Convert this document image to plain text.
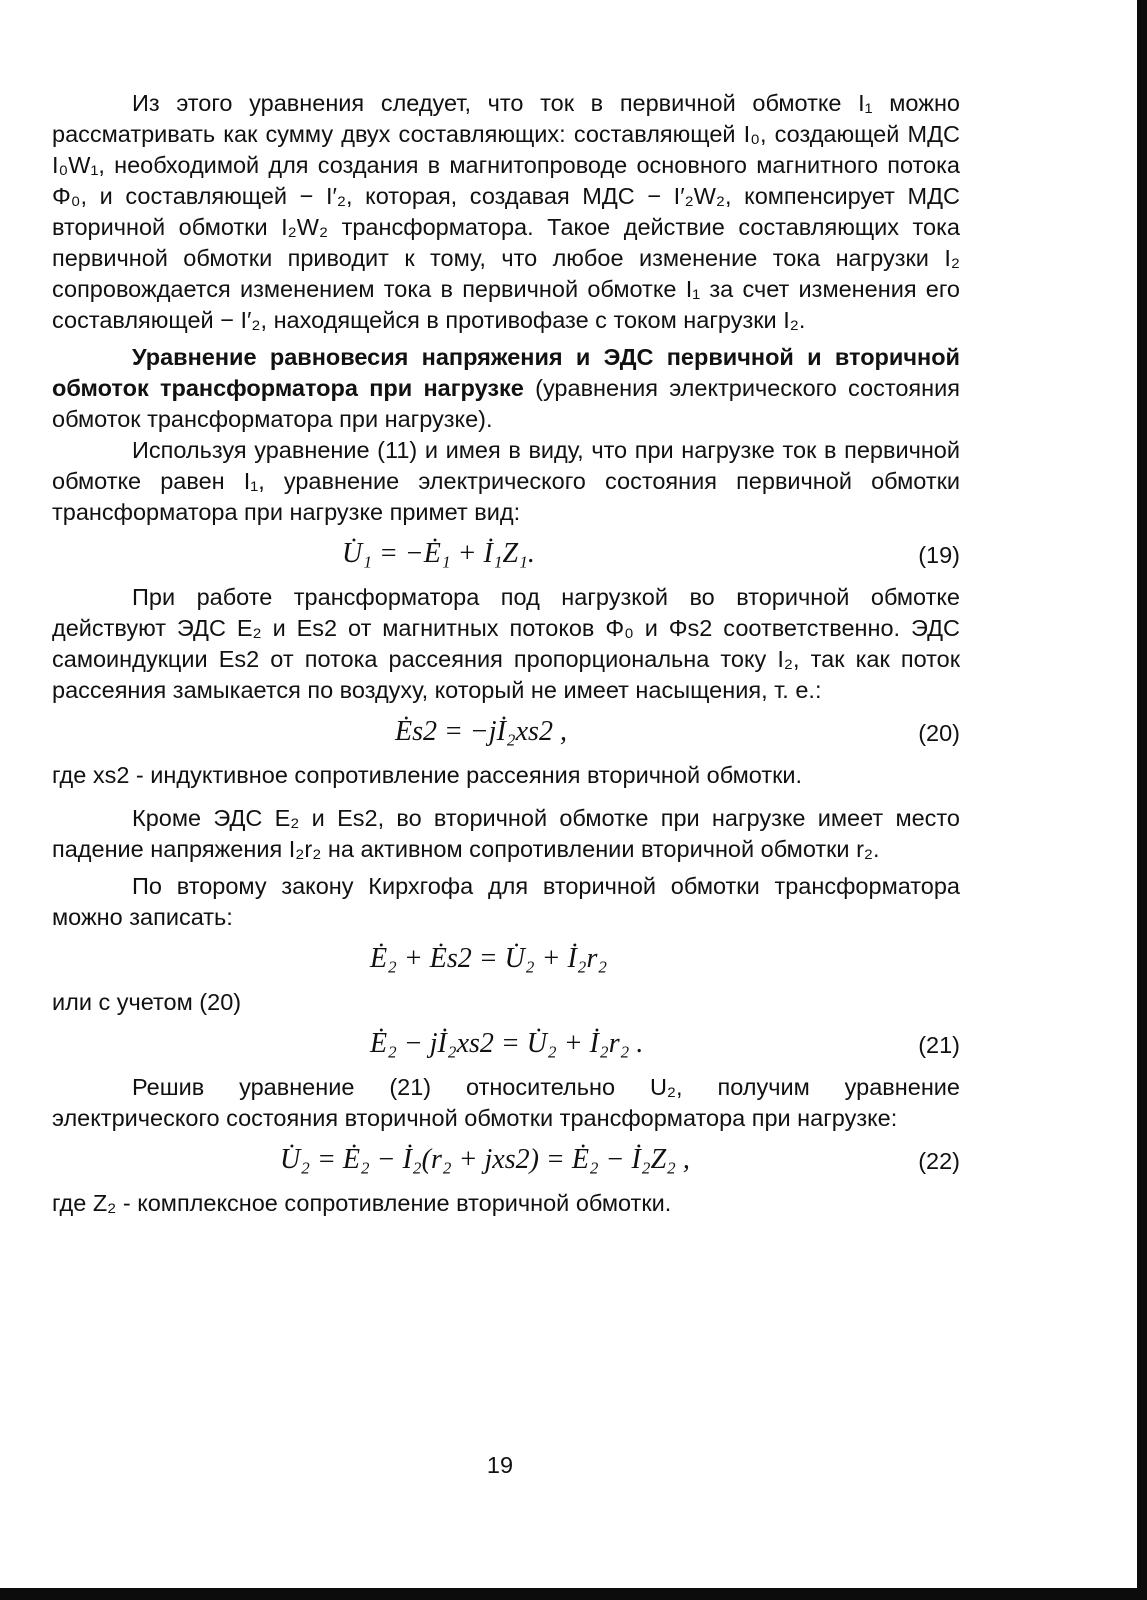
Из этого уравнения следует, что ток в первичной обмотке I₁ можно рассматривать как сумму двух составляющих: составляющей I₀, создающей МДС I₀W₁, необходимой для создания в магнитопроводе основного магнитного потока Φ₀, и составляющей − I′₂, которая, создавая МДС − I′₂W₂, компенсирует МДС вторичной обмотки I₂W₂ трансформатора. Такое действие составляющих тока первичной обмотки приводит к тому, что любое изменение тока нагрузки I₂ сопровождается изменением тока в первичной обмотке I₁ за счет изменения его составляющей − I′₂, находящейся в противофазе с током нагрузки I₂.

Уравнение равновесия напряжения и ЭДС первичной и вторичной обмоток трансформатора при нагрузке (уравнения электрического состояния обмоток трансформатора при нагрузке).

Используя уравнение (11) и имея в виду, что при нагрузке ток в первичной обмотке равен I₁, уравнение электрического состояния первичной обмотки трансформатора при нагрузке примет вид:

U̇₁ = −Ė₁ + İ₁Z₁.	(19)

При работе трансформатора под нагрузкой во вторичной обмотке действуют ЭДС E₂ и Es2 от магнитных потоков Φ₀ и Φs2 соответственно. ЭДС самоиндукции Es2 от потока рассеяния пропорциональна току I₂, так как поток рассеяния замыкается по воздуху, который не имеет насыщения, т. е.:

Ės2 = −jİ₂xs2 ,	(20)

где xs2 - индуктивное сопротивление рассеяния вторичной обмотки.

Кроме ЭДС E₂ и Es2, во вторичной обмотке при нагрузке имеет место падение напряжения I₂r₂ на активном сопротивлении вторичной обмотки r₂.

По второму закону Кирхгофа для вторичной обмотки трансформатора можно записать:

Ė₂ + Ės2 = U̇₂ + İ₂r₂

или с учетом (20)

Ė₂ − jİ₂xs2 = U̇₂ + İ₂r₂ .	(21)

Решив уравнение (21) относительно U₂, получим уравнение электрического состояния вторичной обмотки трансформатора при нагрузке:

U̇₂ = Ė₂ − İ₂(r₂ + jxs2) = Ė₂ − İ₂Z₂ ,	(22)

где Z₂ - комплексное сопротивление вторичной обмотки.

19
